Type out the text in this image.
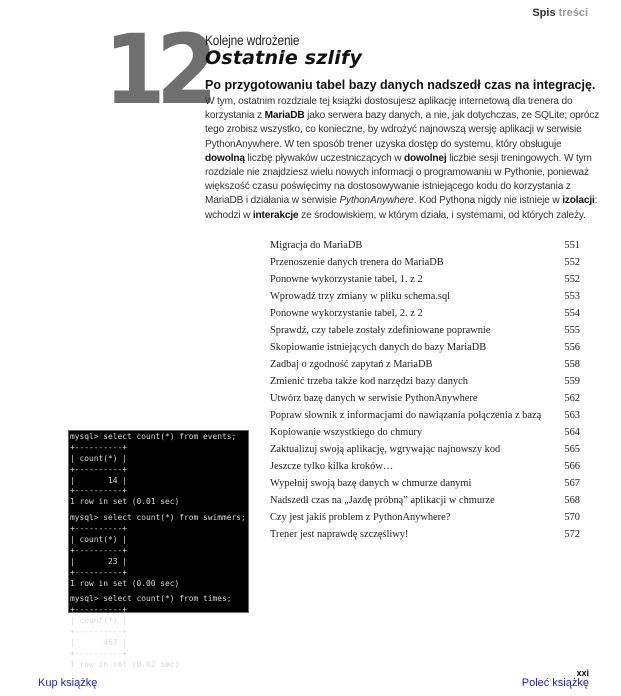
Spis treści
12
Kolejne wdrożenie
Ostatnie szlify
Po przygotowaniu tabel bazy danych nadszedł czas na integrację.
W tym, ostatnim rozdziale tej książki dostosujesz aplikację internetową dla trenera do korzystania z MariaDB jako serwera bazy danych, a nie, jak dotychczas, ze SQLite; oprócz tego zrobisz wszystko, co konieczne, by wdrożyć najnowszą wersję aplikacji w serwisie PythonAnywhere. W ten sposób trener uzyska dostęp do systemu, który obsługuje dowolną liczbę pływaków uczestniczących w dowolnej liczbie sesji treningowych. W tym rozdziale nie znajdziesz wielu nowych informacji o programowaniu w Pythonie, ponieważ większość czasu poświęcimy na dostosowywanie istniejącego kodu do korzystania z MariaDB i działania w serwisie PythonAnywhere. Kod Pythona nigdy nie istnieje w izolacji: wchodzi w interakcje ze środowiskiem, w którym działa, i systemami, od których zależy.
Migracja do MariaDB	551
Przenoszenie danych trenera do MariaDB	552
Ponowne wykorzystanie tabel, 1. z 2	552
Wprowadź trzy zmiany w pliku schema.sql	553
Ponowne wykorzystanie tabel, 2. z 2	554
Sprawdź, czy tabele zostały zdefiniowane poprawnie	555
Skopiowanie istniejących danych do bazy MariaDB	556
Zadbaj o zgodność zapytań z MariaDB	558
Zmienić trzeba także kod narzędzi bazy danych	559
Utwórz bazę danych w serwisie PythonAnywhere	562
Popraw słownik z informacjami do nawiązania połączenia z bazą	563
Kopiowanie wszystkiego do chmury	564
Zaktualizuj swoją aplikację, wgrywając najnowszy kod	565
Jeszcze tylko kilka kroków…	566
Wypełnij swoją bazę danych w chmurze danymi	567
Nadszedł czas na „Jazdę próbną” aplikacji w chmurze	568
Czy jest jakiś problem z PythonAnywhere?	570
Trener jest naprawdę szczęśliwy!	572
mysql> select count(*) from events;
+----------+
| count(*) |
+----------+
|       14 |
+----------+
1 row in set (0.01 sec)
mysql> select count(*) from swimmers;
+----------+
| count(*) |
+----------+
|       23 |
+----------+
1 row in set (0.00 sec)
mysql> select count(*) from times;
+----------+
| count(*) |
+----------+
|      467 |
+----------+
1 row in set (0.02 sec)
Kup książkę
xxi
Poleć książkę
